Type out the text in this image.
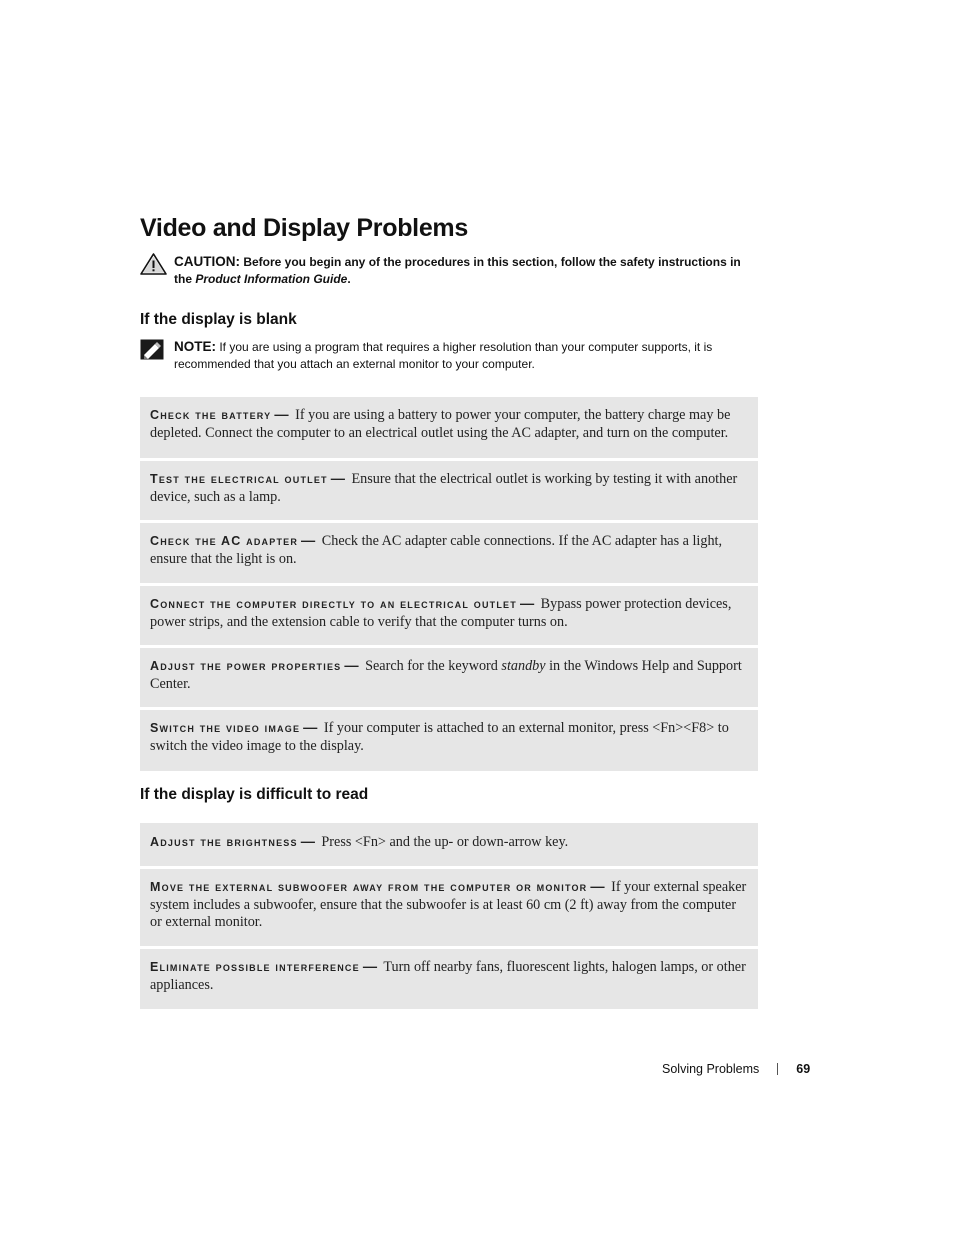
Video and Display Problems
CAUTION: Before you begin any of the procedures in this section, follow the safety instructions in the Product Information Guide.
If the display is blank
NOTE: If you are using a program that requires a higher resolution than your computer supports, it is recommended that you attach an external monitor to your computer.
Check the battery — If you are using a battery to power your computer, the battery charge may be depleted. Connect the computer to an electrical outlet using the AC adapter, and turn on the computer.
Test the electrical outlet — Ensure that the electrical outlet is working by testing it with another device, such as a lamp.
Check the AC adapter — Check the AC adapter cable connections. If the AC adapter has a light, ensure that the light is on.
Connect the computer directly to an electrical outlet — Bypass power protection devices, power strips, and the extension cable to verify that the computer turns on.
Adjust the power properties — Search for the keyword standby in the Windows Help and Support Center.
Switch the video image — If your computer is attached to an external monitor, press <Fn><F8> to switch the video image to the display.
If the display is difficult to read
Adjust the brightness — Press <Fn> and the up- or down-arrow key.
Move the external subwoofer away from the computer or monitor — If your external speaker system includes a subwoofer, ensure that the subwoofer is at least 60 cm (2 ft) away from the computer or external monitor.
Eliminate possible interference — Turn off nearby fans, fluorescent lights, halogen lamps, or other appliances.
Solving Problems	69
